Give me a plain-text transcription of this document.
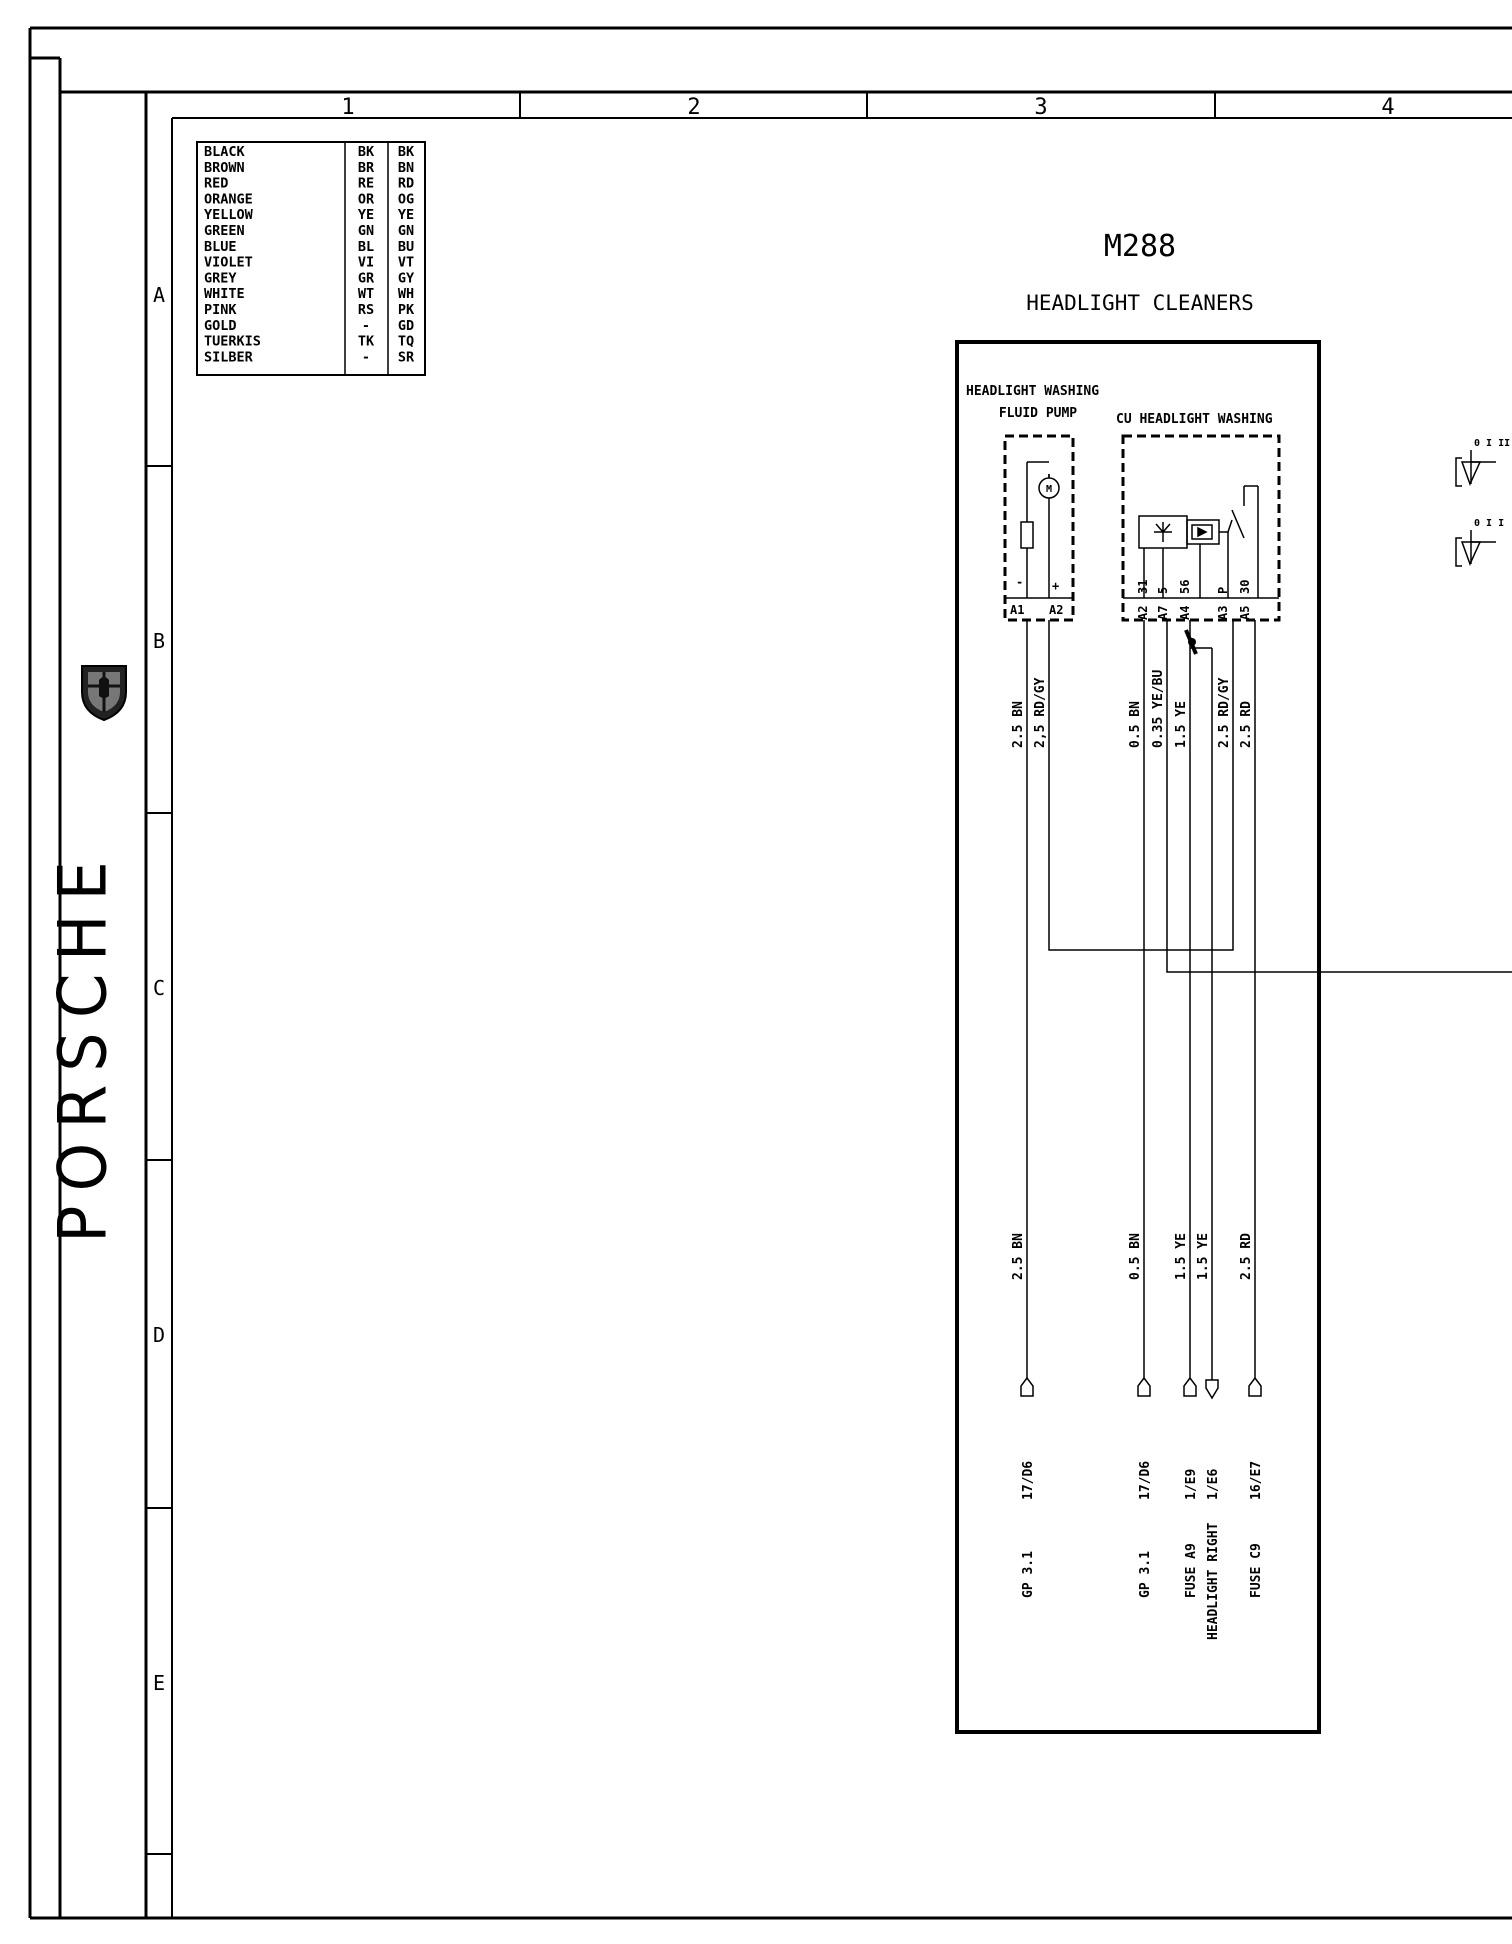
1	2	3	4
A
B
C
D
E
PORSCHE
BLACK	BK BK
BROWN	BR BN
RED	RE RD
ORANGE	OR OG
YELLOW	YE YE
GREEN	GN GN
BLUE	BL BU
VIOLET	VI VT
GREY	GR GY
WHITE	WT WH
PINK	RS PK
GOLD	- GD
TUERKIS	TK TQ
SILBER	- SR
M288
HEADLIGHT CLEANERS
HEADLIGHT WASHING
FLUID PUMP
M
- +
A1 A2
CU HEADLIGHT WASHING
31 5 56 P 30
A2 A7 A4 A3 A5
2.5 BN 2,5 RD/GY	0.5 BN 0.35 YE/BU 1.5 YE 2.5 RD/GY 2.5 RD
2.5 BN	0.5 BN 1.5 YE 1.5 YE 2.5 RD
17/D6
GP 3.1
17/D6
GP 3.1
1/E9
FUSE A9
1/E6
HEADLIGHT RIGHT
16/E7
FUSE C9
0 I II
0 I I
